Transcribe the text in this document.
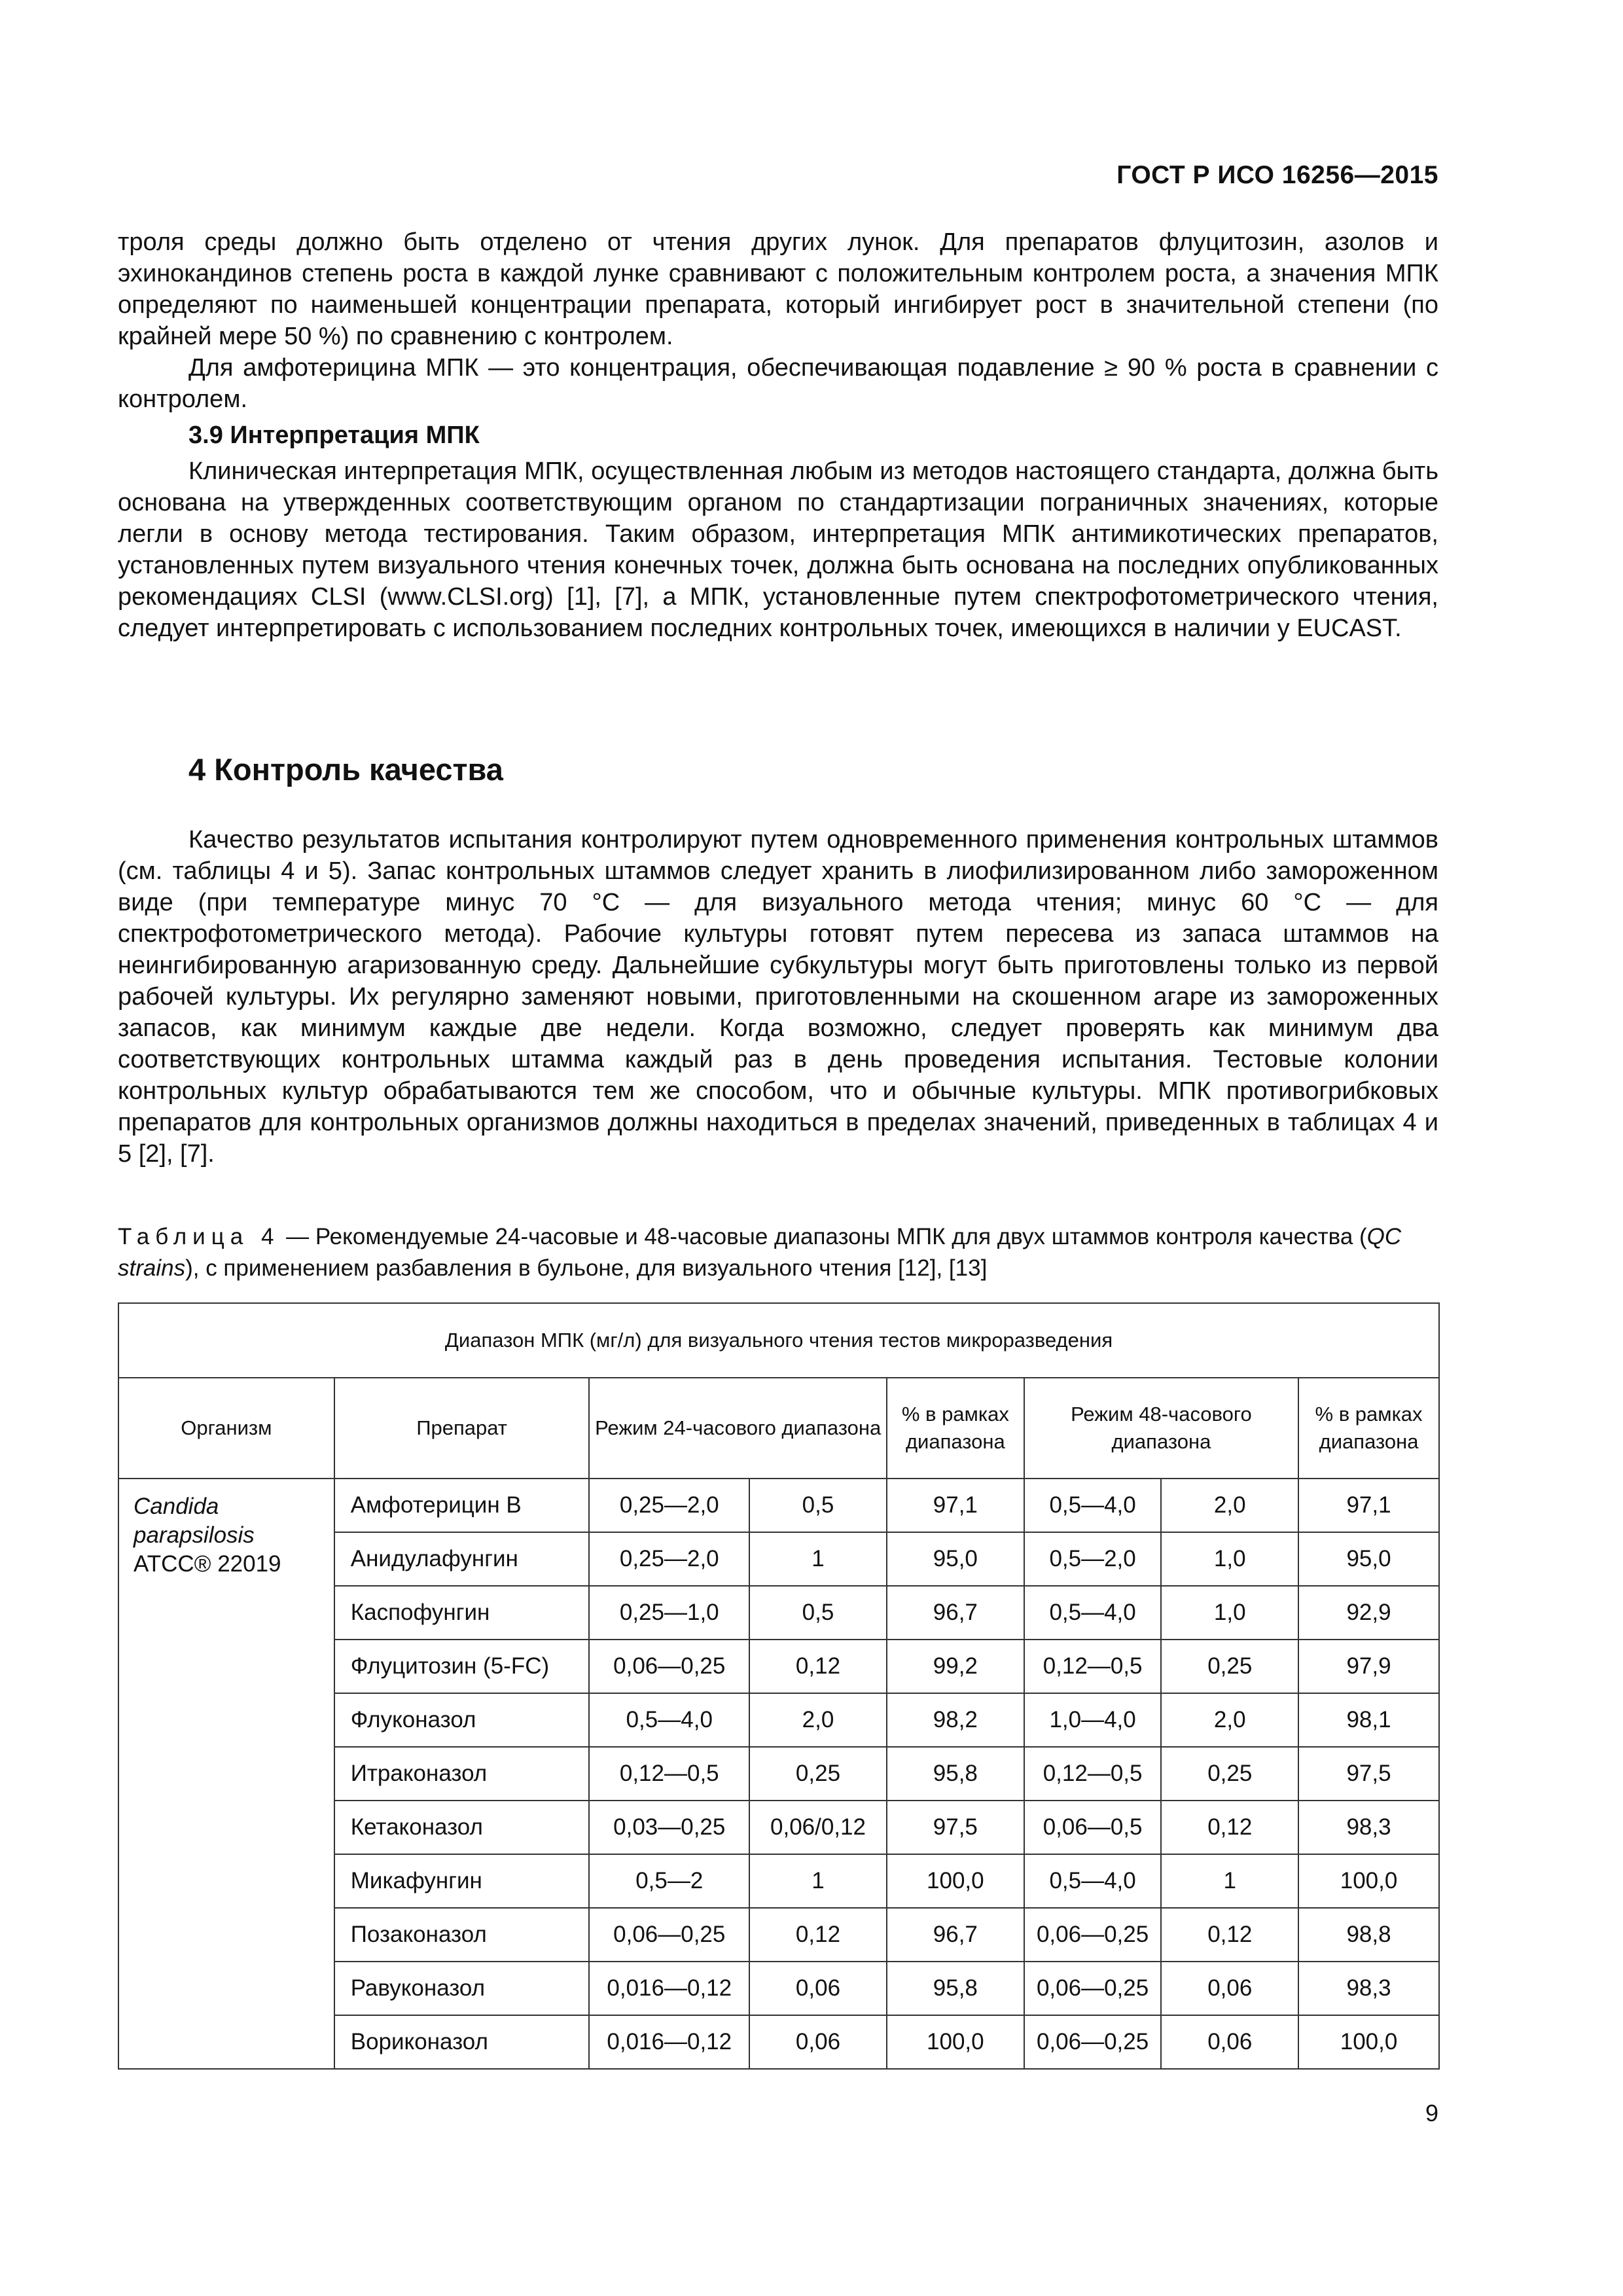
ГОСТ Р ИСО 16256—2015

троля среды должно быть отделено от чтения других лунок. Для препаратов флуцитозин, азолов и эхинокандинов степень роста в каждой лунке сравнивают с положительным контролем роста, а значения МПК определяют по наименьшей концентрации препарата, который ингибирует рост в значительной степени (по крайней мере 50 %) по сравнению с контролем.

Для амфотерицина МПК — это концентрация, обеспечивающая подавление ≥ 90 % роста в сравнении с контролем.

3.9 Интерпретация МПК

Клиническая интерпретация МПК, осуществленная любым из методов настоящего стандарта, должна быть основана на утвержденных соответствующим органом по стандартизации пограничных значениях, которые легли в основу метода тестирования. Таким образом, интерпретация МПК антимикотических препаратов, установленных путем визуального чтения конечных точек, должна быть основана на последних опубликованных рекомендациях CLSI (www.CLSI.org) [1], [7], а МПК, установленные путем спектрофотометрического чтения, следует интерпретировать с использованием последних контрольных точек, имеющихся в наличии у EUCAST.

4 Контроль качества

Качество результатов испытания контролируют путем одновременного применения контрольных штаммов (см. таблицы 4 и 5). Запас контрольных штаммов следует хранить в лиофилизированном либо замороженном виде (при температуре минус 70 °С — для визуального метода чтения; минус 60 °С — для спектрофотометрического метода). Рабочие культуры готовят путем пересева из запаса штаммов на неингибированную агаризованную среду. Дальнейшие субкультуры могут быть приготовлены только из первой рабочей культуры. Их регулярно заменяют новыми, приготовленными на скошенном агаре из замороженных запасов, как минимум каждые две недели. Когда возможно, следует проверять как минимум два соответствующих контрольных штамма каждый раз в день проведения испытания. Тестовые колонии контрольных культур обрабатываются тем же способом, что и обычные культуры. МПК противогрибковых препаратов для контрольных организмов должны находиться в пределах значений, приведенных в таблицах 4 и 5 [2], [7].

Таблица 4 — Рекомендуемые 24-часовые и 48-часовые диапазоны МПК для двух штаммов контроля качества (QC strains), с применением разбавления в бульоне, для визуального чтения [12], [13]

Диапазон МПК (мг/л) для визуального чтения тестов микроразведения							
Организм	Препарат	Режим 24-часового диапазона		% в рамках диапазона	Режим 48-часового диапазона		% в рамках диапазона
Candida
parapsilosis
ATCC® 22019	Амфотерицин В	0,25—2,0	0,5	97,1	0,5—4,0	2,0	97,1
	Анидулафунгин	0,25—2,0	1	95,0	0,5—2,0	1,0	95,0
	Каспофунгин	0,25—1,0	0,5	96,7	0,5—4,0	1,0	92,9
	Флуцитозин (5-FC)	0,06—0,25	0,12	99,2	0,12—0,5	0,25	97,9
	Флуконазол	0,5—4,0	2,0	98,2	1,0—4,0	2,0	98,1
	Итраконазол	0,12—0,5	0,25	95,8	0,12—0,5	0,25	97,5
	Кетаконазол	0,03—0,25	0,06/0,12	97,5	0,06—0,5	0,12	98,3
	Микафунгин	0,5—2	1	100,0	0,5—4,0	1	100,0
	Позаконазол	0,06—0,25	0,12	96,7	0,06—0,25	0,12	98,8
	Равуконазол	0,016—0,12	0,06	95,8	0,06—0,25	0,06	98,3
	Вориконазол	0,016—0,12	0,06	100,0	0,06—0,25	0,06	100,0
9
